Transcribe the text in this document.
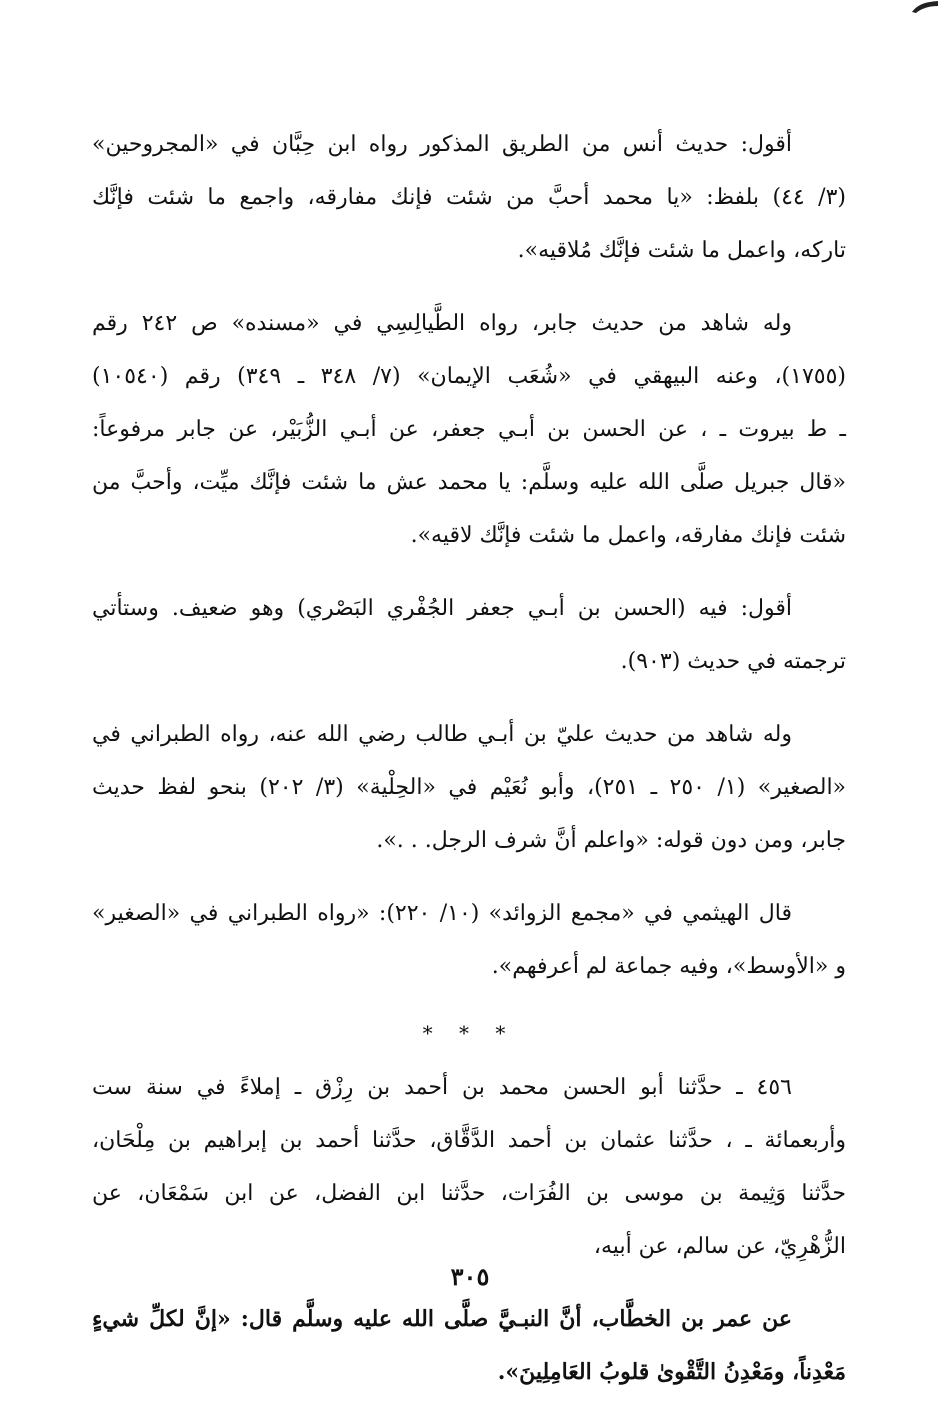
أقول: حديث أنس من الطريق المذكور رواه ابن حِبَّان في «المجروحين»
(٣/ ٤٤) بلفظ: «يا محمد أحبَّ من شئت فإنك مفارقه، واجمع ما شئت فإنَّك
تاركه، واعمل ما شئت فإنَّك مُلاقيه».
وله شاهد من حديث جابر، رواه الطَّيالِسِي في «مسنده» ص ٢٤٢ رقم
(١٧٥٥)، وعنه البيهقي في «شُعَب الإيمان» (٧/ ٣٤٨ ـ ٣٤٩) رقم (١٠٥٤٠)
ـ ط بيروت ـ ، عن الحسن بن أبـي جعفر، عن أبـي الزُّبَيْر، عن جابر مرفوعاً:
«قال جبريل صلَّى الله عليه وسلَّم: يا محمد عش ما شئت فإنَّك ميِّت، وأحبَّ من
شئت فإنك مفارقه، واعمل ما شئت فإنَّك لاقيه».
أقول: فيه (الحسن بن أبـي جعفر الجُفْري البَصْري) وهو ضعيف. وستأتي
ترجمته في حديث (٩٠٣).
وله شاهد من حديث عليّ بن أبـي طالب رضي الله عنه، رواه الطبراني في
«الصغير» (١/ ٢٥٠ ـ ٢٥١)، وأبو نُعَيْم في «الحِلْية» (٣/ ٢٠٢) بنحو لفظ حديث
جابر، ومن دون قوله: «واعلم أنَّ شرف الرجل. . .».
قال الهيثمي في «مجمع الزوائد» (١٠/ ٢٢٠): «رواه الطبراني في «الصغير»
و «الأوسط»، وفيه جماعة لم أعرفهم».
* * *
٤٥٦ ـ حدَّثنا أبو الحسن محمد بن أحمد بن رِزْق ـ إملاءً في سنة ست
وأربعمائة ـ ، حدَّثنا عثمان بن أحمد الدَّقَّاق، حدَّثنا أحمد بن إبراهيم بن مِلْحَان،
حدَّثنا وَثِيمة بن موسى بن الفُرَات، حدَّثنا ابن الفضل، عن ابن سَمْعَان، عن
الزُّهْرِيّ، عن سالم، عن أبيه،
عن عمر بن الخطَّاب، أنَّ النبـيَّ صلَّى الله عليه وسلَّم قال: «إنَّ لكلِّ شيءٍ
مَعْدِناً، ومَعْدِنُ التَّقْوىٰ قلوبُ العَامِلِينَ».
٣٠٥
